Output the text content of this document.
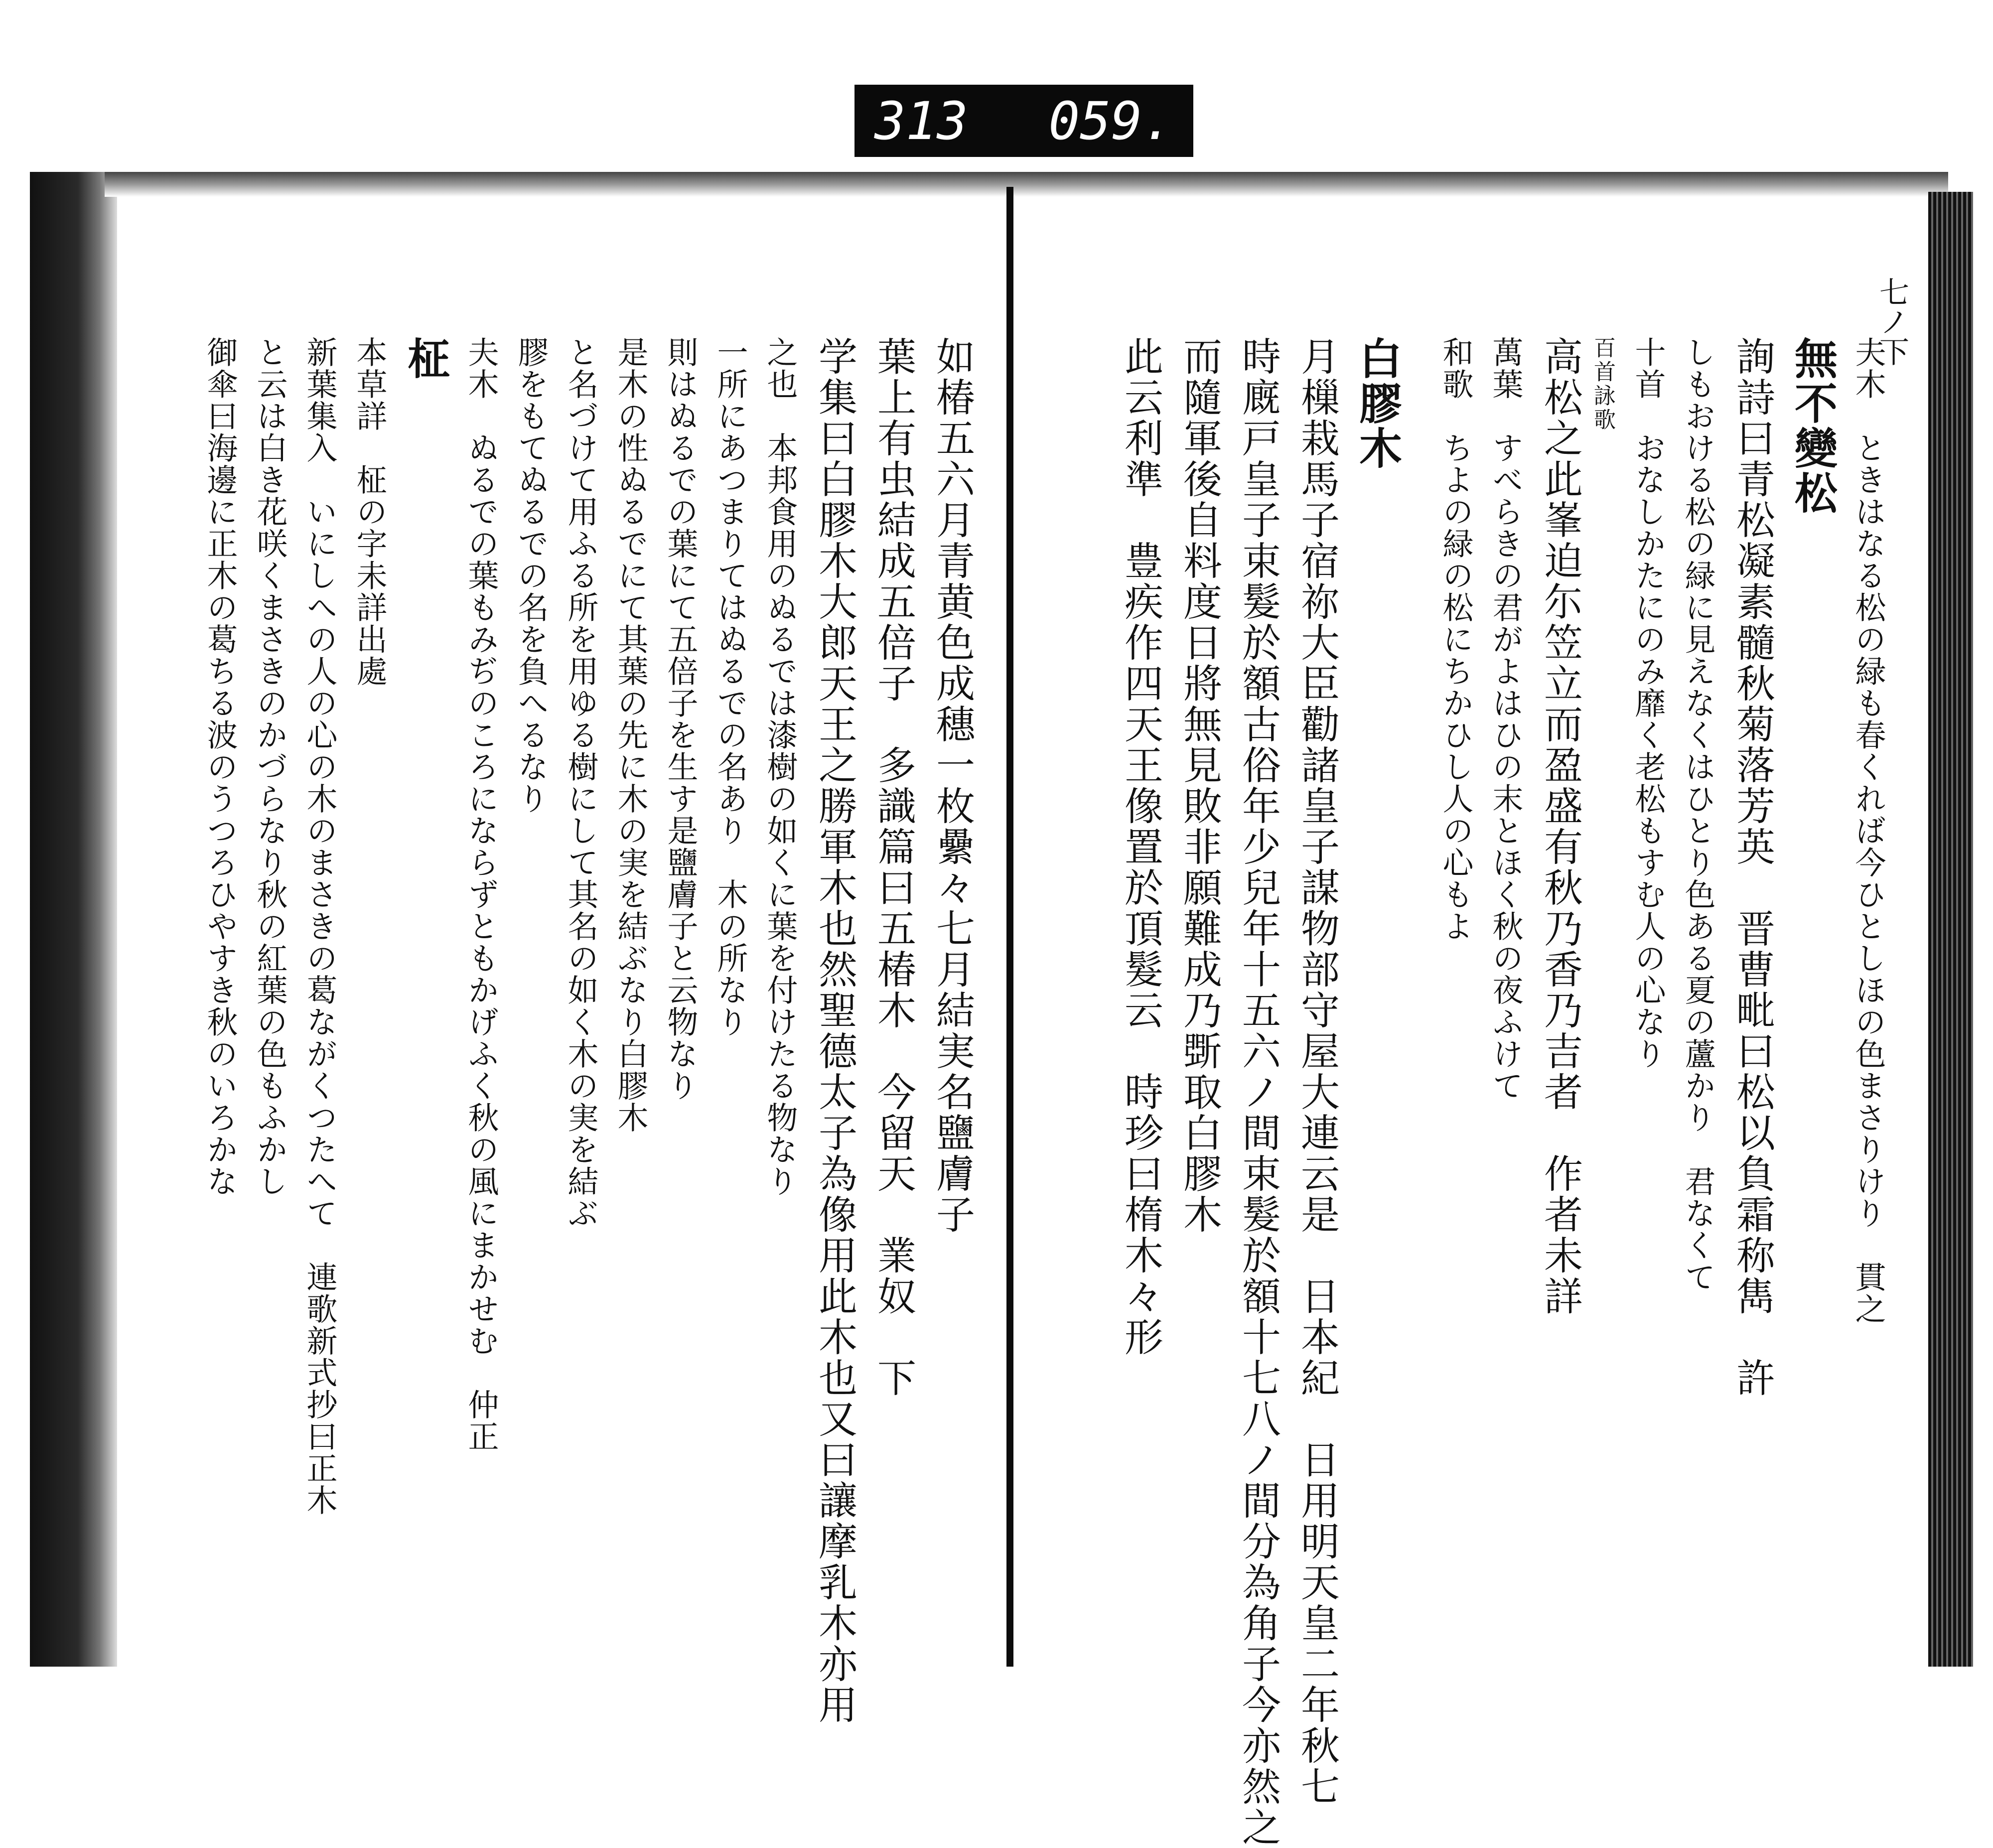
313 059.
如椿五六月青黄色成穗一枚纍々七月結実名鹽膚子
葉上有虫結成五倍子　多識篇曰五椿木　今留天　業奴　下
学集曰白膠木大郎天王之勝軍木也然聖德太子為像用此木也又曰讓摩乳木亦用
之也　本邦食用のぬるでは漆樹の如くに葉を付けたる物なり
一所にあつまりてはぬるでの名あり　木の所なり
則はぬるでの葉にて五倍子を生す是鹽膚子と云物なり
是木の性ぬるでにて其葉の先に木の実を結ぶなり白膠木
と名づけて用ふる所を用ゆる樹にして其名の如く木の実を結ぶ
膠をもてぬるでの名を負へるなり
夫木　ぬるでの葉もみぢのころにならずともかげふく秋の風にまかせむ　仲正
柾
本草詳　柾の字未詳出處
新葉集入　いにしへの人の心の木のまさきの葛ながくつたへて　連歌新式抄曰正木
と云は白き花咲くまさきのかづらなり秋の紅葉の色もふかし
御傘曰海邊に正木の葛ちる波のうつろひやすき秋のいろかな
七ノ下
夫木　ときはなる松の緑も春くれば今ひとしほの色まさりけり　貫之
無不變松
詢詩曰青松凝素髓秋菊落芳英　晋曹毗曰松以負霜称雋　許
しもおける松の緑に見えなくはひとり色ある夏の蘆かり　君なくて
十首　おなしかたにのみ靡く老松もすむ人の心なり
百首詠歌
高松之此峯迫尓笠立而盈盛有秋乃香乃吉者　作者未詳
萬葉　すべらきの君がよはひの末とほく秋の夜ふけて
和歌　ちよの緑の松にちかひし人の心もよ
白膠木
月樔栽馬子宿祢大臣勸諸皇子謀物部守屋大連云是　日本紀　日用明天皇二年秋七
時廐戸皇子束髮於額古俗年少兒年十五六ノ間束髮於額十七八ノ間分為角子今亦然之
而隨軍後自料度日將無見敗非願難成乃斲取白膠木
此云利準　豊疾作四天王像置於頂髮云　時珍曰楕木々形
